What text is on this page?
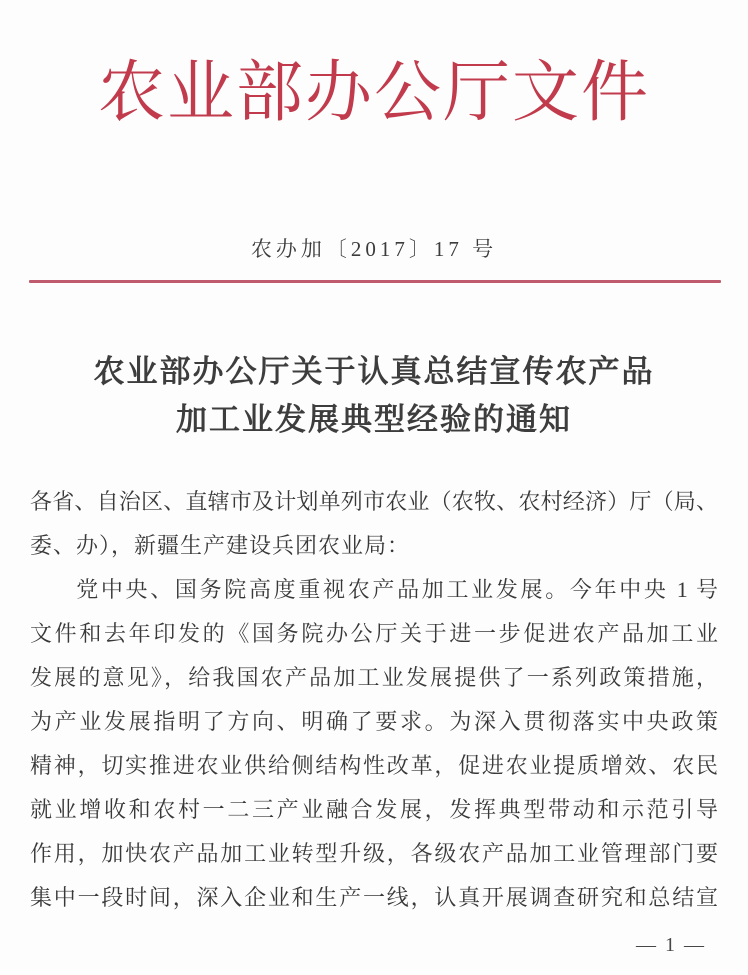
农业部办公厅文件
农办加〔2017〕17 号
农业部办公厅关于认真总结宣传农产品
加工业发展典型经验的通知
各省、自治区、直辖市及计划单列市农业（农牧、农村经济）厅（局、
委、办），新疆生产建设兵团农业局：
党中央、国务院高度重视农产品加工业发展。今年中央 1 号
文件和去年印发的《国务院办公厅关于进一步促进农产品加工业
发展的意见》，给我国农产品加工业发展提供了一系列政策措施，
为产业发展指明了方向、明确了要求。为深入贯彻落实中央政策
精神，切实推进农业供给侧结构性改革，促进农业提质增效、农民
就业增收和农村一二三产业融合发展，发挥典型带动和示范引导
作用，加快农产品加工业转型升级，各级农产品加工业管理部门要
集中一段时间，深入企业和生产一线，认真开展调查研究和总结宣
— 1 —
